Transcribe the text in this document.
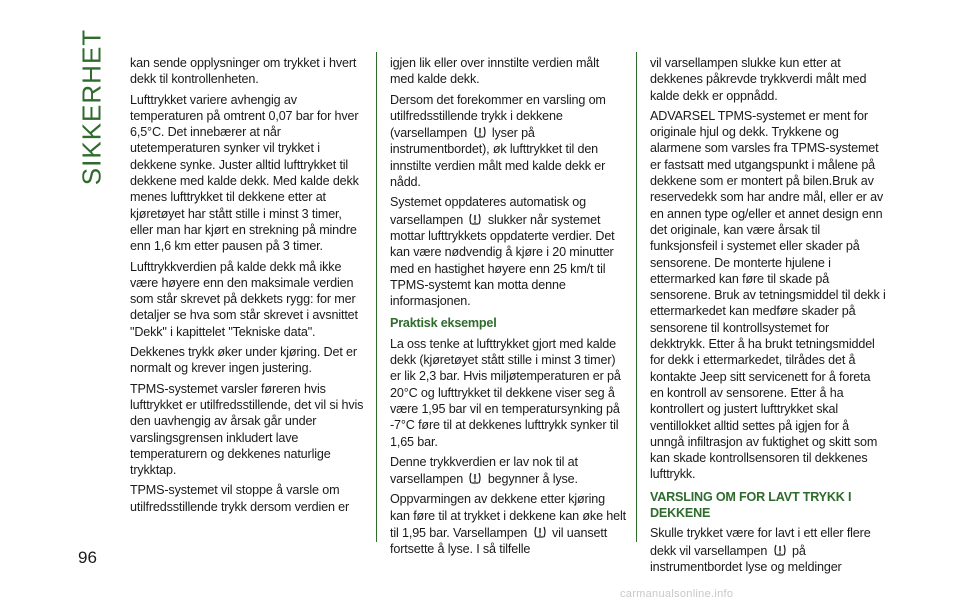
SIKKERHET
96

kan sende opplysninger om trykket i hvert dekk til kontrollenheten.

Lufttrykket variere avhengig av temperaturen på omtrent 0,07 bar for hver 6,5°C. Det innebærer at når utetemperaturen synker vil trykket i dekkene synke. Juster alltid lufttrykket til dekkene med kalde dekk. Med kalde dekk menes lufttrykket til dekkene etter at kjøretøyet har stått stille i minst 3 timer, eller man har kjørt en strekning på mindre enn 1,6 km etter pausen på 3 timer.

Lufttrykkverdien på kalde dekk må ikke være høyere enn den maksimale verdien som står skrevet på dekkets rygg: for mer detaljer se hva som står skrevet i avsnittet "Dekk" i kapittelet "Tekniske data".

Dekkenes trykk øker under kjøring. Det er normalt og krever ingen justering.

TPMS-systemet varsler føreren hvis lufttrykket er utilfredsstillende, det vil si hvis den uavhengig av årsak går under varslingsgrensen inkludert lave temperaturern og dekkenes naturlige trykktap.

TPMS-systemet vil stoppe å varsle om utilfredsstillende trykk dersom verdien er

igjen lik eller over innstilte verdien målt med kalde dekk.

Dersom det forekommer en varsling om utilfredsstillende trykk i dekkene (varsellampen lyser på instrumentbordet), øk lufttrykket til den innstilte verdien målt med kalde dekk er nådd.

Systemet oppdateres automatisk og varsellampen slukker når systemet mottar lufttrykkets oppdaterte verdier. Det kan være nødvendig å kjøre i 20 minutter med en hastighet høyere enn 25 km/t til TPMS-systemt kan motta denne informasjonen.

Praktisk eksempel

La oss tenke at lufttrykket gjort med kalde dekk (kjøretøyet stått stille i minst 3 timer) er lik 2,3 bar. Hvis miljøtemperaturen er på 20°C og lufttrykket til dekkene viser seg å være 1,95 bar vil en temperatursynking på -7°C føre til at dekkenes lufttrykk synker til 1,65 bar.

Denne trykkverdien er lav nok til at varsellampen begynner å lyse.

Oppvarmingen av dekkene etter kjøring kan føre til at trykket i dekkene kan øke helt til 1,95 bar. Varsellampen vil uansett fortsette å lyse. I så tilfelle

vil varsellampen slukke kun etter at dekkenes påkrevde trykkverdi målt med kalde dekk er oppnådd.

ADVARSEL TPMS-systemet er ment for originale hjul og dekk. Trykkene og alarmene som varsles fra TPMS-systemet er fastsatt med utgangspunkt i målene på dekkene som er montert på bilen.Bruk av reservedekk som har andre mål, eller er av en annen type og/eller et annet design enn det originale, kan være årsak til funksjonsfeil i systemet eller skader på sensorene. De monterte hjulene i ettermarked kan føre til skade på sensorene. Bruk av tetningsmiddel til dekk i ettermarkedet kan medføre skader på sensorene til kontrollsystemet for dekktrykk. Etter å ha brukt tetningsmiddel for dekk i ettermarkedet, tilrådes det å kontakte Jeep sitt servicenett for å foreta en kontroll av sensorene. Etter å ha kontrollert og justert lufttrykket skal ventillokket alltid settes på igjen for å unngå infiltrasjon av fuktighet og skitt som kan skade kontrollsensoren til dekkenes lufttrykk.

VARSLING OM FOR LAVT TRYKK I DEKKENE

Skulle trykket være for lavt i ett eller flere dekk vil varsellampen på instrumentbordet lyse og meldinger

carmanualsonline.info
